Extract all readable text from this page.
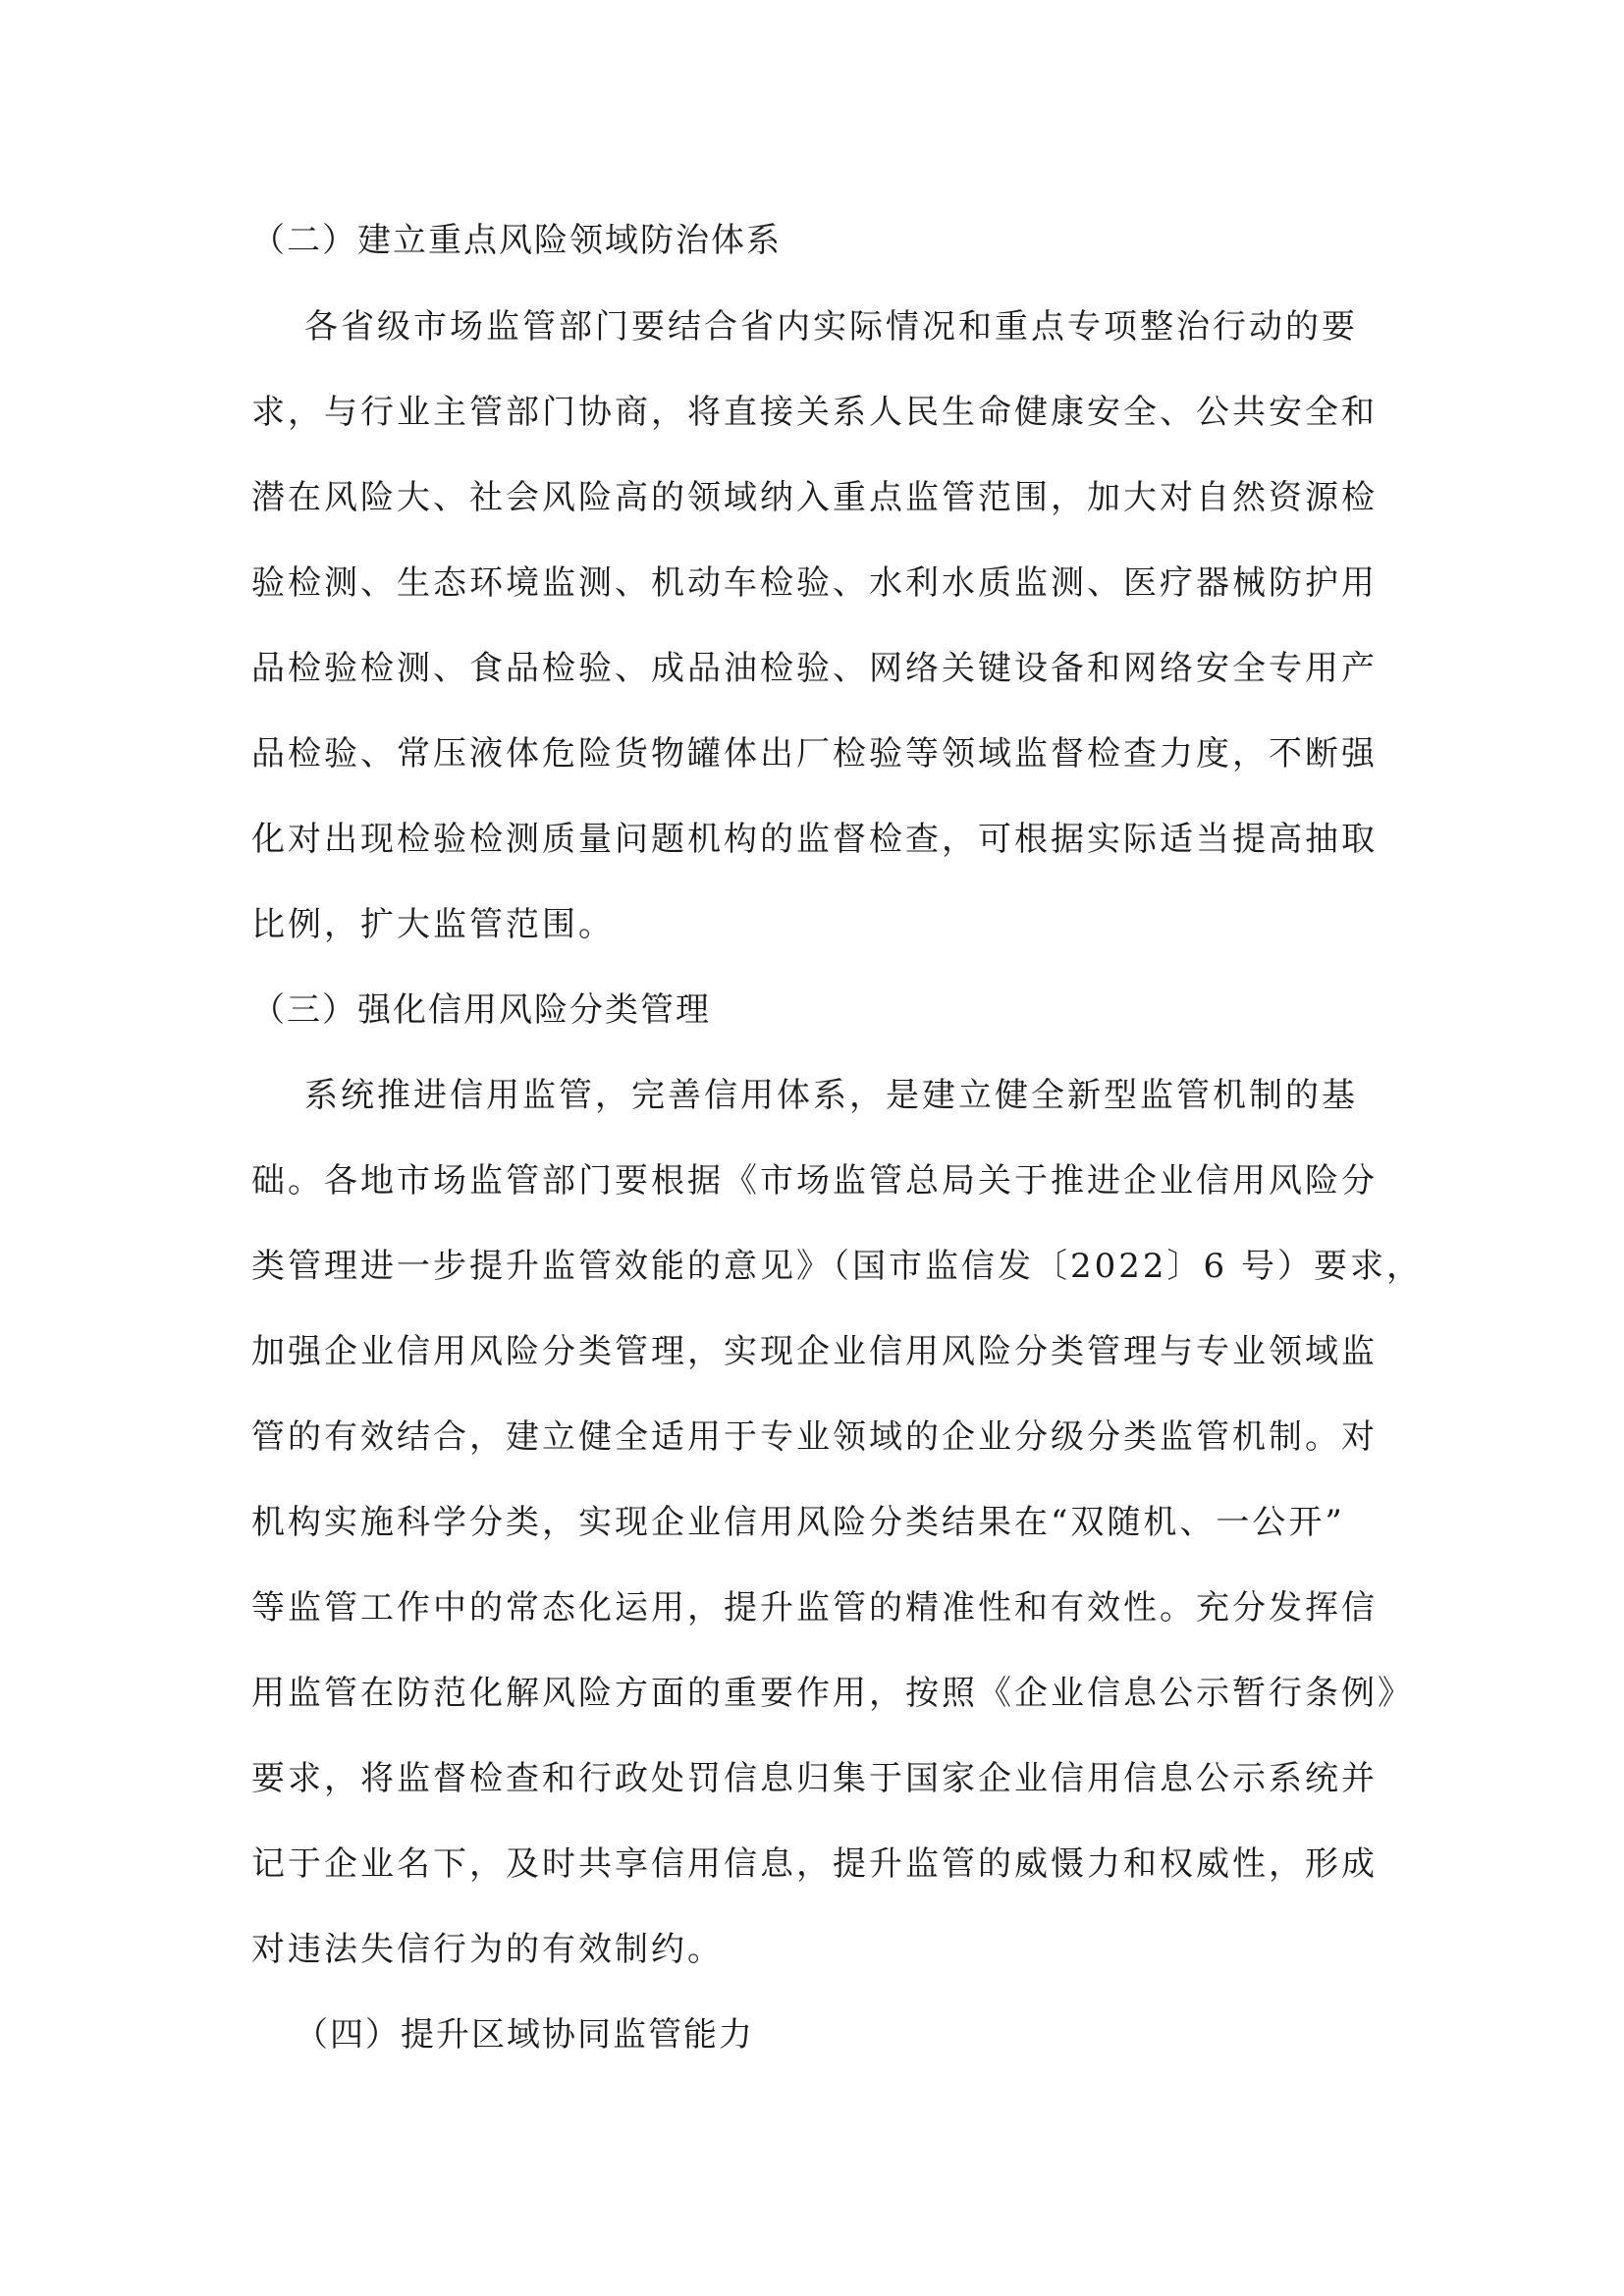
（二）建立重点风险领域防治体系
各省级市场监管部门要结合省内实际情况和重点专项整治行动的要
求，与行业主管部门协商，将直接关系人民生命健康安全、公共安全和
潜在风险大、社会风险高的领域纳入重点监管范围，加大对自然资源检
验检测、生态环境监测、机动车检验、水利水质监测、医疗器械防护用
品检验检测、食品检验、成品油检验、网络关键设备和网络安全专用产
品检验、常压液体危险货物罐体出厂检验等领域监督检查力度，不断强
化对出现检验检测质量问题机构的监督检查，可根据实际适当提高抽取
比例，扩大监管范围。
（三）强化信用风险分类管理
系统推进信用监管，完善信用体系，是建立健全新型监管机制的基
础。各地市场监管部门要根据《市场监管总局关于推进企业信用风险分
类管理进一步提升监管效能的意见》（国市监信发〔2022〕6 号）要求，
加强企业信用风险分类管理，实现企业信用风险分类管理与专业领域监
管的有效结合，建立健全适用于专业领域的企业分级分类监管机制。对
机构实施科学分类，实现企业信用风险分类结果在“双随机、一公开”
等监管工作中的常态化运用，提升监管的精准性和有效性。充分发挥信
用监管在防范化解风险方面的重要作用，按照《企业信息公示暂行条例》
要求，将监督检查和行政处罚信息归集于国家企业信用信息公示系统并
记于企业名下，及时共享信用信息，提升监管的威慑力和权威性，形成
对违法失信行为的有效制约。
（四）提升区域协同监管能力
